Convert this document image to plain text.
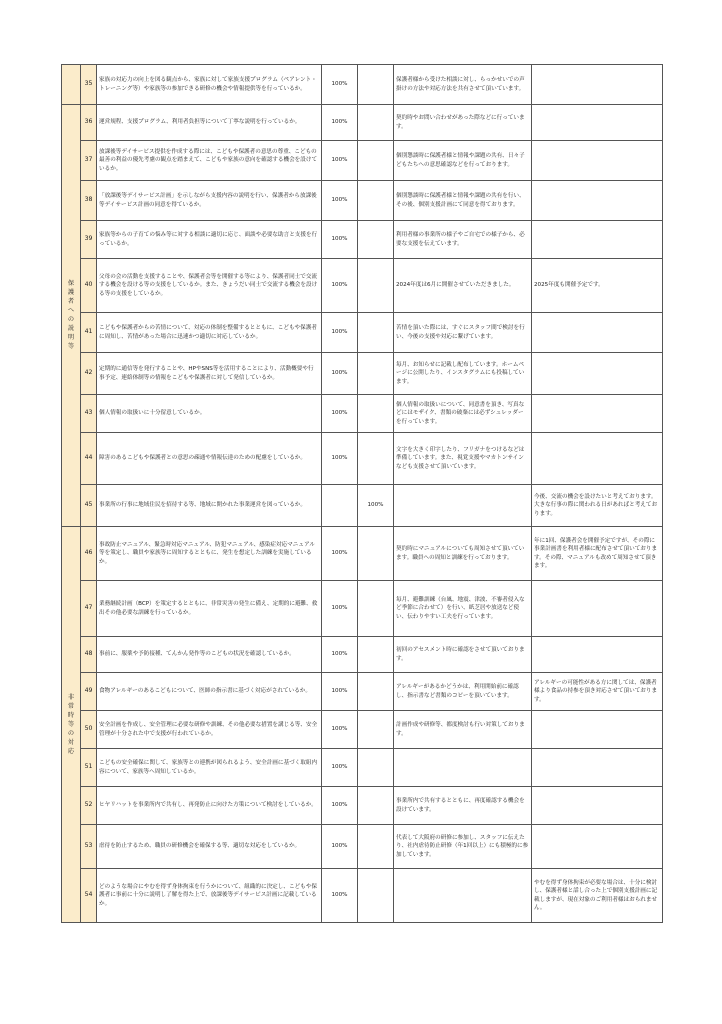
	35	家族の対応力の向上を図る観点から、家族に対して家族支援プログラム（ペアレント・トレーニング等）や家族等の参加できる研修の機会や情報提供等を行っているか。	100%		保護者様から受けた相談に対し、らっかせいでの声掛けの方法や対応方法を共有させて頂いています。	
保護者への説明等	36	運営規程、支援プログラム、利用者負担等について丁寧な説明を行っているか。	100%		契約時やお問い合わせがあった際などに行っています。	
	37	放課後等デイサービス提供を作成する際には、こどもや保護者の意思の尊重、こどもの最善の利益の優先考慮の観点を踏まえて、こどもや家族の意向を確認する機会を設けているか。	100%		個別懇談時に保護者様と情報や課題の共有、日々子どもたちへの意思確認などを行っております。	
	38	「放課後等デイサービス計画」を示しながら支援内容の説明を行い、保護者から放課後等デイサービス計画の同意を得ているか。	100%		個別懇談時に保護者様と情報や課題の共有を行い、その後、個別支援計画にて同意を得ております。	
	39	家族等からの子育ての悩み等に対する相談に適切に応じ、面談や必要な助言と支援を行っているか。	100%		利用者様の事業所の様子やご自宅での様子から、必要な支援を伝えています。	
	40	父母の会の活動を支援することや、保護者会等を開催する等により、保護者同士で交流する機会を設ける等の支援をしているか。また、きょうだい同士で交流する機会を設ける等の支援をしているか。	100%		2024年度は6月に開催させていただきました。	2025年度も開催予定です。
	41	こどもや保護者からの苦情について、対応の体制を整備するとともに、こどもや保護者に周知し、苦情があった場合に迅速かつ適切に対応しているか。	100%		苦情を頂いた際には、すぐにスタッフ間で検討を行い、今後の支援や対応に繋げています。	
	42	定期的に通信等を発行することや、HPやSNS等を活用することにより、活動概要や行事予定、連絡体制等の情報をこどもや保護者に対して発信しているか。	100%		毎月、お知らせに記載し配布しています。ホームページに公開したり、インスタグラムにも投稿しています。	
	43	個人情報の取扱いに十分留意しているか。	100%		個人情報の取扱いについて、同意書を頂き、写真などにはモザイク、書類の破棄には必ずシュレッダーを行っています。	
	44	障害のあるこどもや保護者との意思の疎通や情報伝達のための配慮をしているか。	100%		文字を大きく印字したり、フリガナをつけるなどは準備しています。また、視覚支援やマカトンサインなども支援させて頂いています。	
	45	事業所の行事に地域住民を招待する等、地域に開かれた事業運営を図っているか。		100%		今後、交流の機会を設けたいと考えております。大きな行事の際に関われる日があればと考えております。
非常時等の対応	46	事故防止マニュアル、緊急時対応マニュアル、防犯マニュアル、感染症対応マニュアル等を策定し、職員や家族等に周知するとともに、発生を想定した訓練を実施しているか。	100%		契約時にマニュアルについても周知させて頂いています。職員への周知と訓練を行っております。	年に1回、保護者会を開催予定ですが、その際に事業計画書を利用者様に配布させて頂いております。その際、マニュアルも改めて周知させて頂きます。
	47	業務継続計画（BCP）を策定するとともに、非常災害の発生に備え、定期的に避難、救出その他必要な訓練を行っているか。	100%		毎月、避難訓練（台風、地震、津波、不審者侵入など季節に合わせて）を行い、紙芝居や放送など使い、伝わりやすい工夫を行っています。	
	48	事前に、服薬や予防接種、てんかん発作等のこどもの状況を確認しているか。	100%		初回のアセスメント時に確認をさせて頂いております。	
	49	食物アレルギーのあるこどもについて、医師の指示書に基づく対応がされているか。	100%		アレルギーがあるかどうかは、利用開始前に確認し、指示書など書類のコピーを頂いています。	アレルギーの可能性がある方に関しては、保護者様より食品の持参を頂き対応させて頂いております。
	50	安全計画を作成し、安全管理に必要な研修や訓練、その他必要な措置を講じる等、安全管理が十分された中で支援が行われているか。	100%		計画作成や研修等、都度検討も行い対策しております。	
	51	こどもの安全確保に関して、家族等との連携が図られるよう、安全計画に基づく取組内容について、家族等へ周知しているか。	100%			
	52	ヒヤリハットを事業所内で共有し、再発防止に向けた方策について検討をしているか。	100%		事業所内で共有するとともに、再度確認する機会を設けています。	
	53	虐待を防止するため、職員の研修機会を確保する等、適切な対応をしているか。	100%		代表して大阪府の研修に参加し、スタッフに伝えたり、社内虐待防止研修（年1回以上）にも積極的に参加しています。	
	54	どのような場合にやむを得ず身体拘束を行うかについて、組織的に決定し、こどもや保護者に事前に十分に説明し了解を得た上で、放課後等デイサービス計画に記載しているか。	100%			やむを得ず身体拘束が必要な場合は、十分に検討し、保護者様と話し合った上で個別支援計画に記載しますが、現在対象のご利用者様はおられません。
